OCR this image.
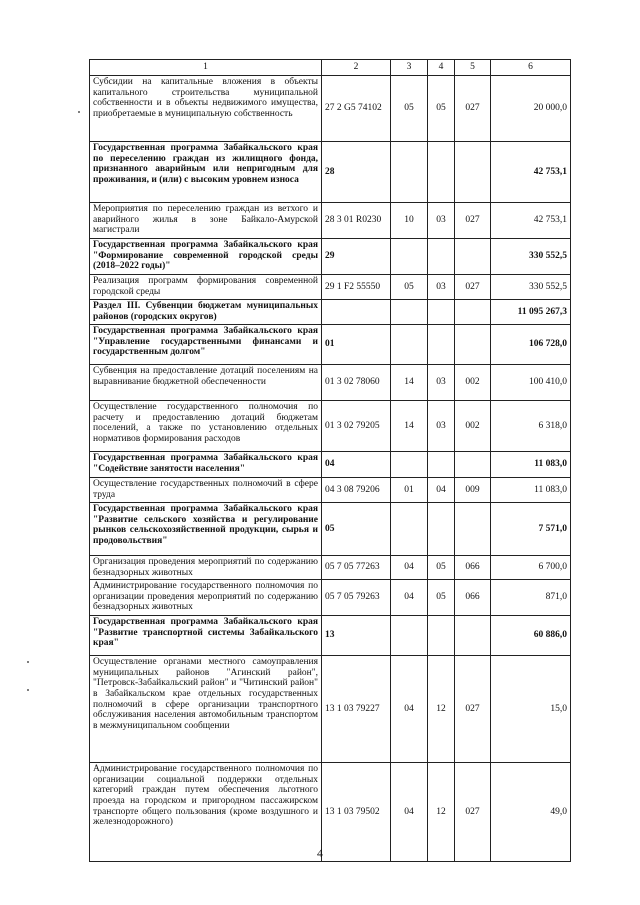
1	2	3	4	5	6
Субсидии на капитальные вложения в объекты капитального строительства муниципальной собственности и в объекты недвижимого имущества, приобретаемые в муниципальную собственность	27 2 G5 74102	05	05	027	20 000,0
Государственная программа Забайкальского края по переселению граждан из жилищного фонда, признанного аварийным или непригодным для проживания, и (или) с высоким уровнем износа	28				42 753,1
Мероприятия по переселению граждан из ветхого и аварийного жилья в зоне Байкало-Амурской магистрали	28 3 01 R0230	10	03	027	42 753,1
Государственная программа Забайкальского края "Формирование современной городской среды (2018–2022 годы)"	29				330 552,5
Реализация программ формирования современной городской среды	29 1 F2 55550	05	03	027	330 552,5
Раздел III. Субвенции бюджетам муниципальных районов (городских округов)					11 095 267,3
Государственная программа Забайкальского края "Управление государственными финансами и государственным долгом"	01				106 728,0
Субвенция на предоставление дотаций поселениям на выравнивание бюджетной обеспеченности	01 3 02 78060	14	03	002	100 410,0
Осуществление государственного полномочия по расчету и предоставлению дотаций бюджетам поселений, а также по установлению отдельных нормативов формирования расходов	01 3 02 79205	14	03	002	6 318,0
Государственная программа Забайкальского края "Содействие занятости населения"	04				11 083,0
Осуществление государственных полномочий в сфере труда	04 3 08 79206	01	04	009	11 083,0
Государственная программа Забайкальского края "Развитие сельского хозяйства и регулирование рынков сельскохозяйственной продукции, сырья и продовольствия"	05				7 571,0
Организация проведения мероприятий по содержанию безнадзорных животных	05 7 05 77263	04	05	066	6 700,0
Администрирование государственного полномочия по организации проведения мероприятий по содержанию безнадзорных животных	05 7 05 79263	04	05	066	871,0
Государственная программа Забайкальского края "Развитие транспортной системы Забайкальского края"	13				60 886,0
Осуществление органами местного самоуправления муниципальных районов "Агинский район", "Петровск-Забайкальский район" и "Читинский район" в Забайкальском крае отдельных государственных полномочий в сфере организации транспортного обслуживания населения автомобильным транспортом в межмуниципальном сообщении	13 1 03 79227	04	12	027	15,0
Администрирование государственного полномочия по организации социальной поддержки отдельных категорий граждан путем обеспечения льготного проезда на городском и пригородном пассажирском транспорте общего пользования (кроме воздушного и железнодорожного)	13 1 03 79502	04	12	027	49,0
4
